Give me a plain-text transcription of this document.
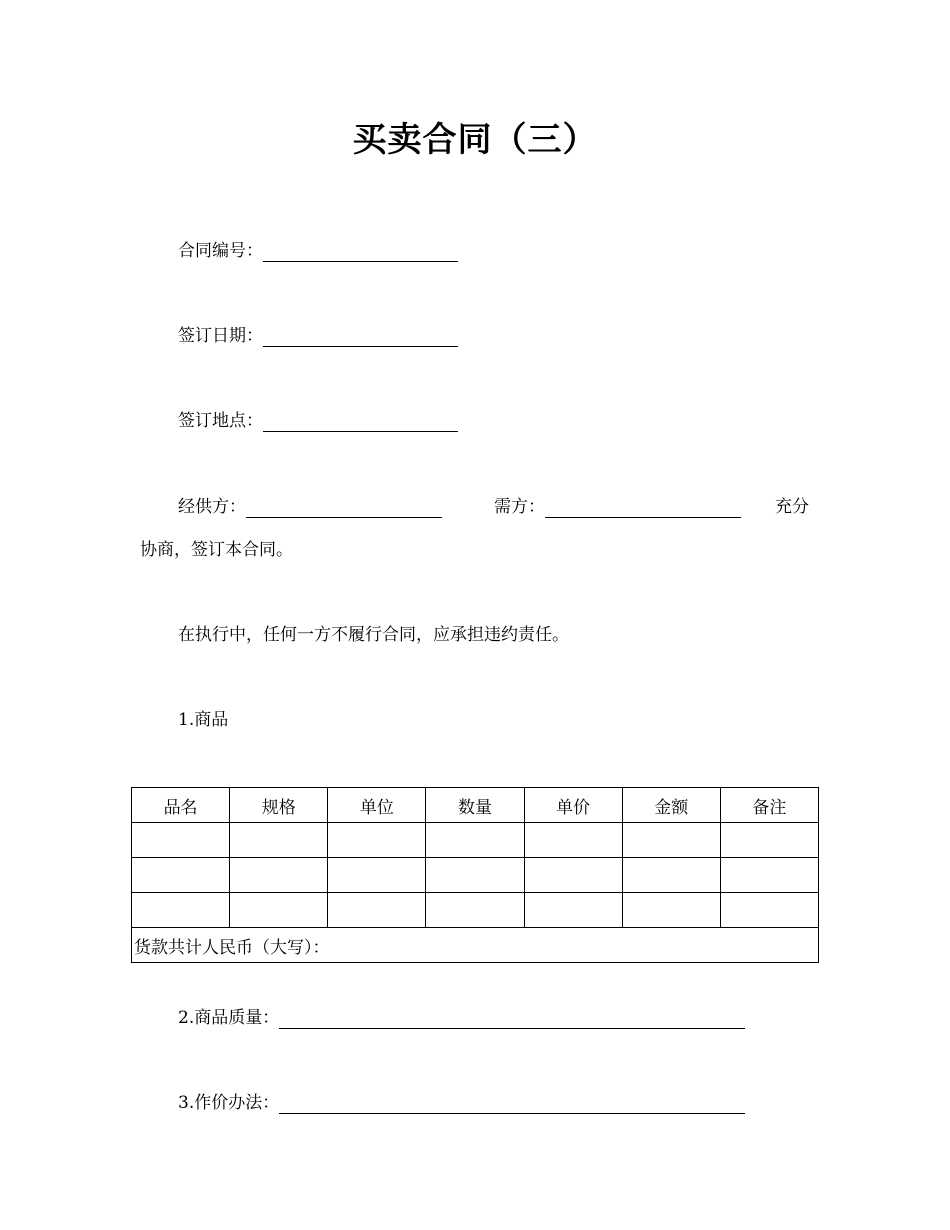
买卖合同（三）
合同编号：
签订日期：
签订地点：
经供方：	需方：	充分
协商，签订本合同。
在执行中，任何一方不履行合同，应承担违约责任。
1.商品
品名	规格	单位	数量	单价	金额	备注

货款共计人民币（大写）：						
2.商品质量：
3.作价办法：
